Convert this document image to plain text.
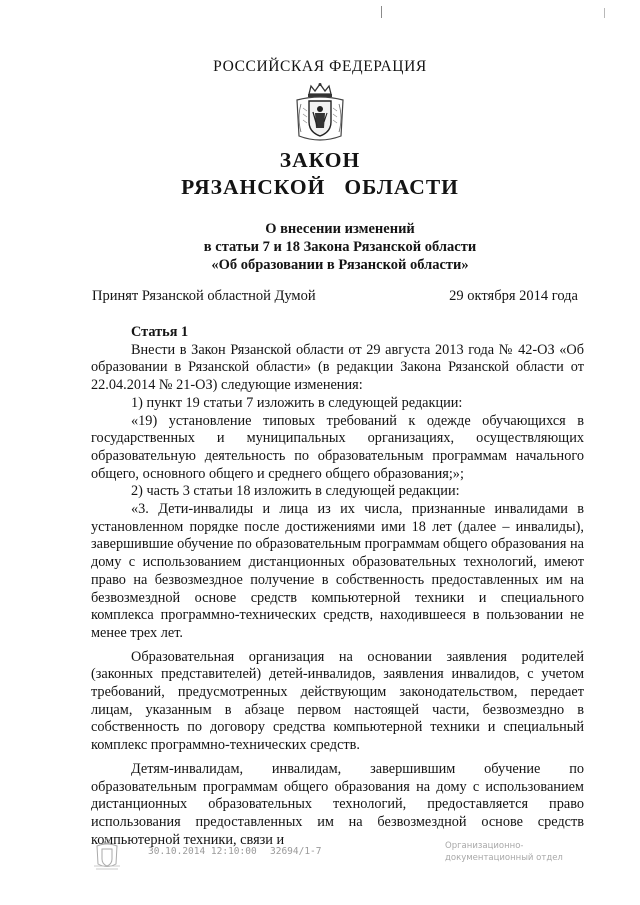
РОССИЙСКАЯ ФЕДЕРАЦИЯ
ЗАКОН
РЯЗАНСКОЙ   ОБЛАСТИ
О внесении изменений
в статьи 7 и 18 Закона Рязанской области
«Об образовании в Рязанской области»
Принят Рязанской областной Думой	29 октября 2014 года

Статья 1

Внести в Закон Рязанской области от 29 августа 2013 года № 42-ОЗ «Об образовании в Рязанской области» (в редакции Закона Рязанской области от 22.04.2014 № 21-ОЗ) следующие изменения:

1) пункт 19 статьи 7 изложить в следующей редакции:

«19) установление типовых требований к одежде обучающихся в государственных и муниципальных организациях, осуществляющих образовательную деятельность по образовательным программам начального общего, основного общего и среднего общего образования;»;

2) часть 3 статьи 18 изложить в следующей редакции:

«3. Дети-инвалиды и лица из их числа, признанные инвалидами в установленном порядке после достижениями ими 18 лет (далее – инвалиды), завершившие обучение по образовательным программам общего образования на дому с использованием дистанционных образовательных технологий, имеют право на безвозмездное получение в собственность предоставленных им на безвозмездной основе средств компьютерной техники и специального комплекса программно-технических средств, находившееся в пользовании не менее трех лет.

Образовательная организация на основании заявления родителей (законных представителей) детей-инвалидов, заявления инвалидов, с учетом требований, предусмотренных действующим законодательством, передает лицам, указанным в абзаце первом настоящей части, безвозмездно в собственность по договору средства компьютерной техники и специальный комплекс программно-технических средств.

Детям-инвалидам, инвалидам, завершившим обучение по образовательным программам общего образования на дому с использованием дистанционных образовательных технологий, предоставляется право использования предоставленных им на безвозмездной основе средств компьютерной техники, связи и

30.10.2014 12:10:00 32694/1-7	Организационно-
документационный отдел
